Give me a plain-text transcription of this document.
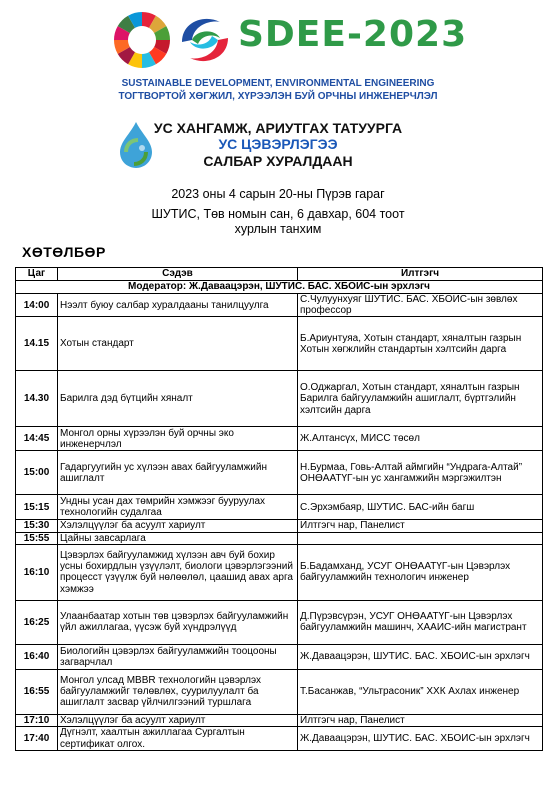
SDEE-2023
SUSTAINABLE DEVELOPMENT, ENVIRONMENTAL ENGINEERING
ТОГТВОРТОЙ ХӨГЖИЛ, ХҮРЭЭЛЭН БУЙ ОРЧНЫ ИНЖЕНЕРЧЛЭЛ
УС ХАНГАМЖ, АРИУТГАХ ТАТУУРГА
УС ЦЭВЭРЛЭГЭЭ
САЛБАР ХУРАЛДААН
2023 оны 4 сарын 20-ны Пүрэв гараг
ШУТИС, Төв номын сан, 6 давхар, 604 тоот
хурлын танхим
ХӨТӨЛБӨР
Цаг	Сэдэв	Илтгэгч
Модератор: Ж.Даваацэрэн, ШУТИС. БАС. ХБОИС-ын эрхлэгч		
14:00	Нээлт буюу салбар хуралдааны танилцуулга	С.Чулуунхуяг ШУТИС. БАС. ХБОИС-ын зөвлөх профессор
14.15	Хотын стандарт	Б.Ариунтуяа, Хотын стандарт, хяналтын газрын Хотын хөгжлийн стандартын хэлтсийн дарга
14.30	Барилга дэд бүтцийн хяналт	О.Оджаргал, Хотын стандарт, хяналтын газрын Барилга байгууламжийн ашиглалт, бүртгэлийн хэлтсийн дарга
14:45	Монгол орны хүрээлэн буй орчны эко инженерчлэл	Ж.Алтансүх, МИСС төсөл
15:00	Гадаргуугийн ус хүлээн авах байгууламжийн ашиглалт	Н.Бурмаа, Говь-Алтай аймгийн “Ундрага-Алтай” ОНӨААТҮГ-ын ус хангамжийн мэргэжилтэн
15:15	Ундны усан дах төмрийн хэмжээг бууруулах технологийн судалгаа	С.Эрхэмбаяр, ШУТИС. БАС-ийн багш
15:30	Хэлэлцүүлэг ба асуулт хариулт	Илтгэгч нар, Панелист
15:55	Цайны завсарлага	
16:10	Цэвэрлэх байгууламжид хүлээн авч буй бохир усны бохирдлын үзүүлэлт, биологи цэвэрлэгээний процесст үзүүлж буй нөлөөлөл, цаашид авах арга хэмжээ	Б.Бадамханд, УСУГ ОНӨААТҮГ-ын Цэвэрлэх байгууламжийн технологич инженер
16:25	Улаанбаатар хотын төв цэвэрлэх байгууламжийн үйл ажиллагаа, үүсэж буй хүндрэлүүд	Д.Пүрэвсүрэн, УСУГ ОНӨААТҮГ-ын Цэвэрлэх байгууламжийн машинч, ХААИС-ийн магистрант
16:40	Биологийн цэвэрлэх байгууламжийн тооцооны загварчлал	Ж.Даваацэрэн, ШУТИС. БАС. ХБОИС-ын эрхлэгч
16:55	Монгол улсад MBBR технологийн цэвэрлэх байгууламжийг төлөвлөх, суурилуулалт ба ашиглалт засвар үйлчилгээний туршлага	Т.Басанжав, “Ультрасоник” ХХК Ахлах инженер
17:10	Хэлэлцүүлэг ба асуулт хариулт	Илтгэгч нар, Панелист
17:40	Дүгнэлт, хаалтын ажиллагаа Сургалтын сертификат олгох.	Ж.Даваацэрэн, ШУТИС. БАС. ХБОИС-ын эрхлэгч
